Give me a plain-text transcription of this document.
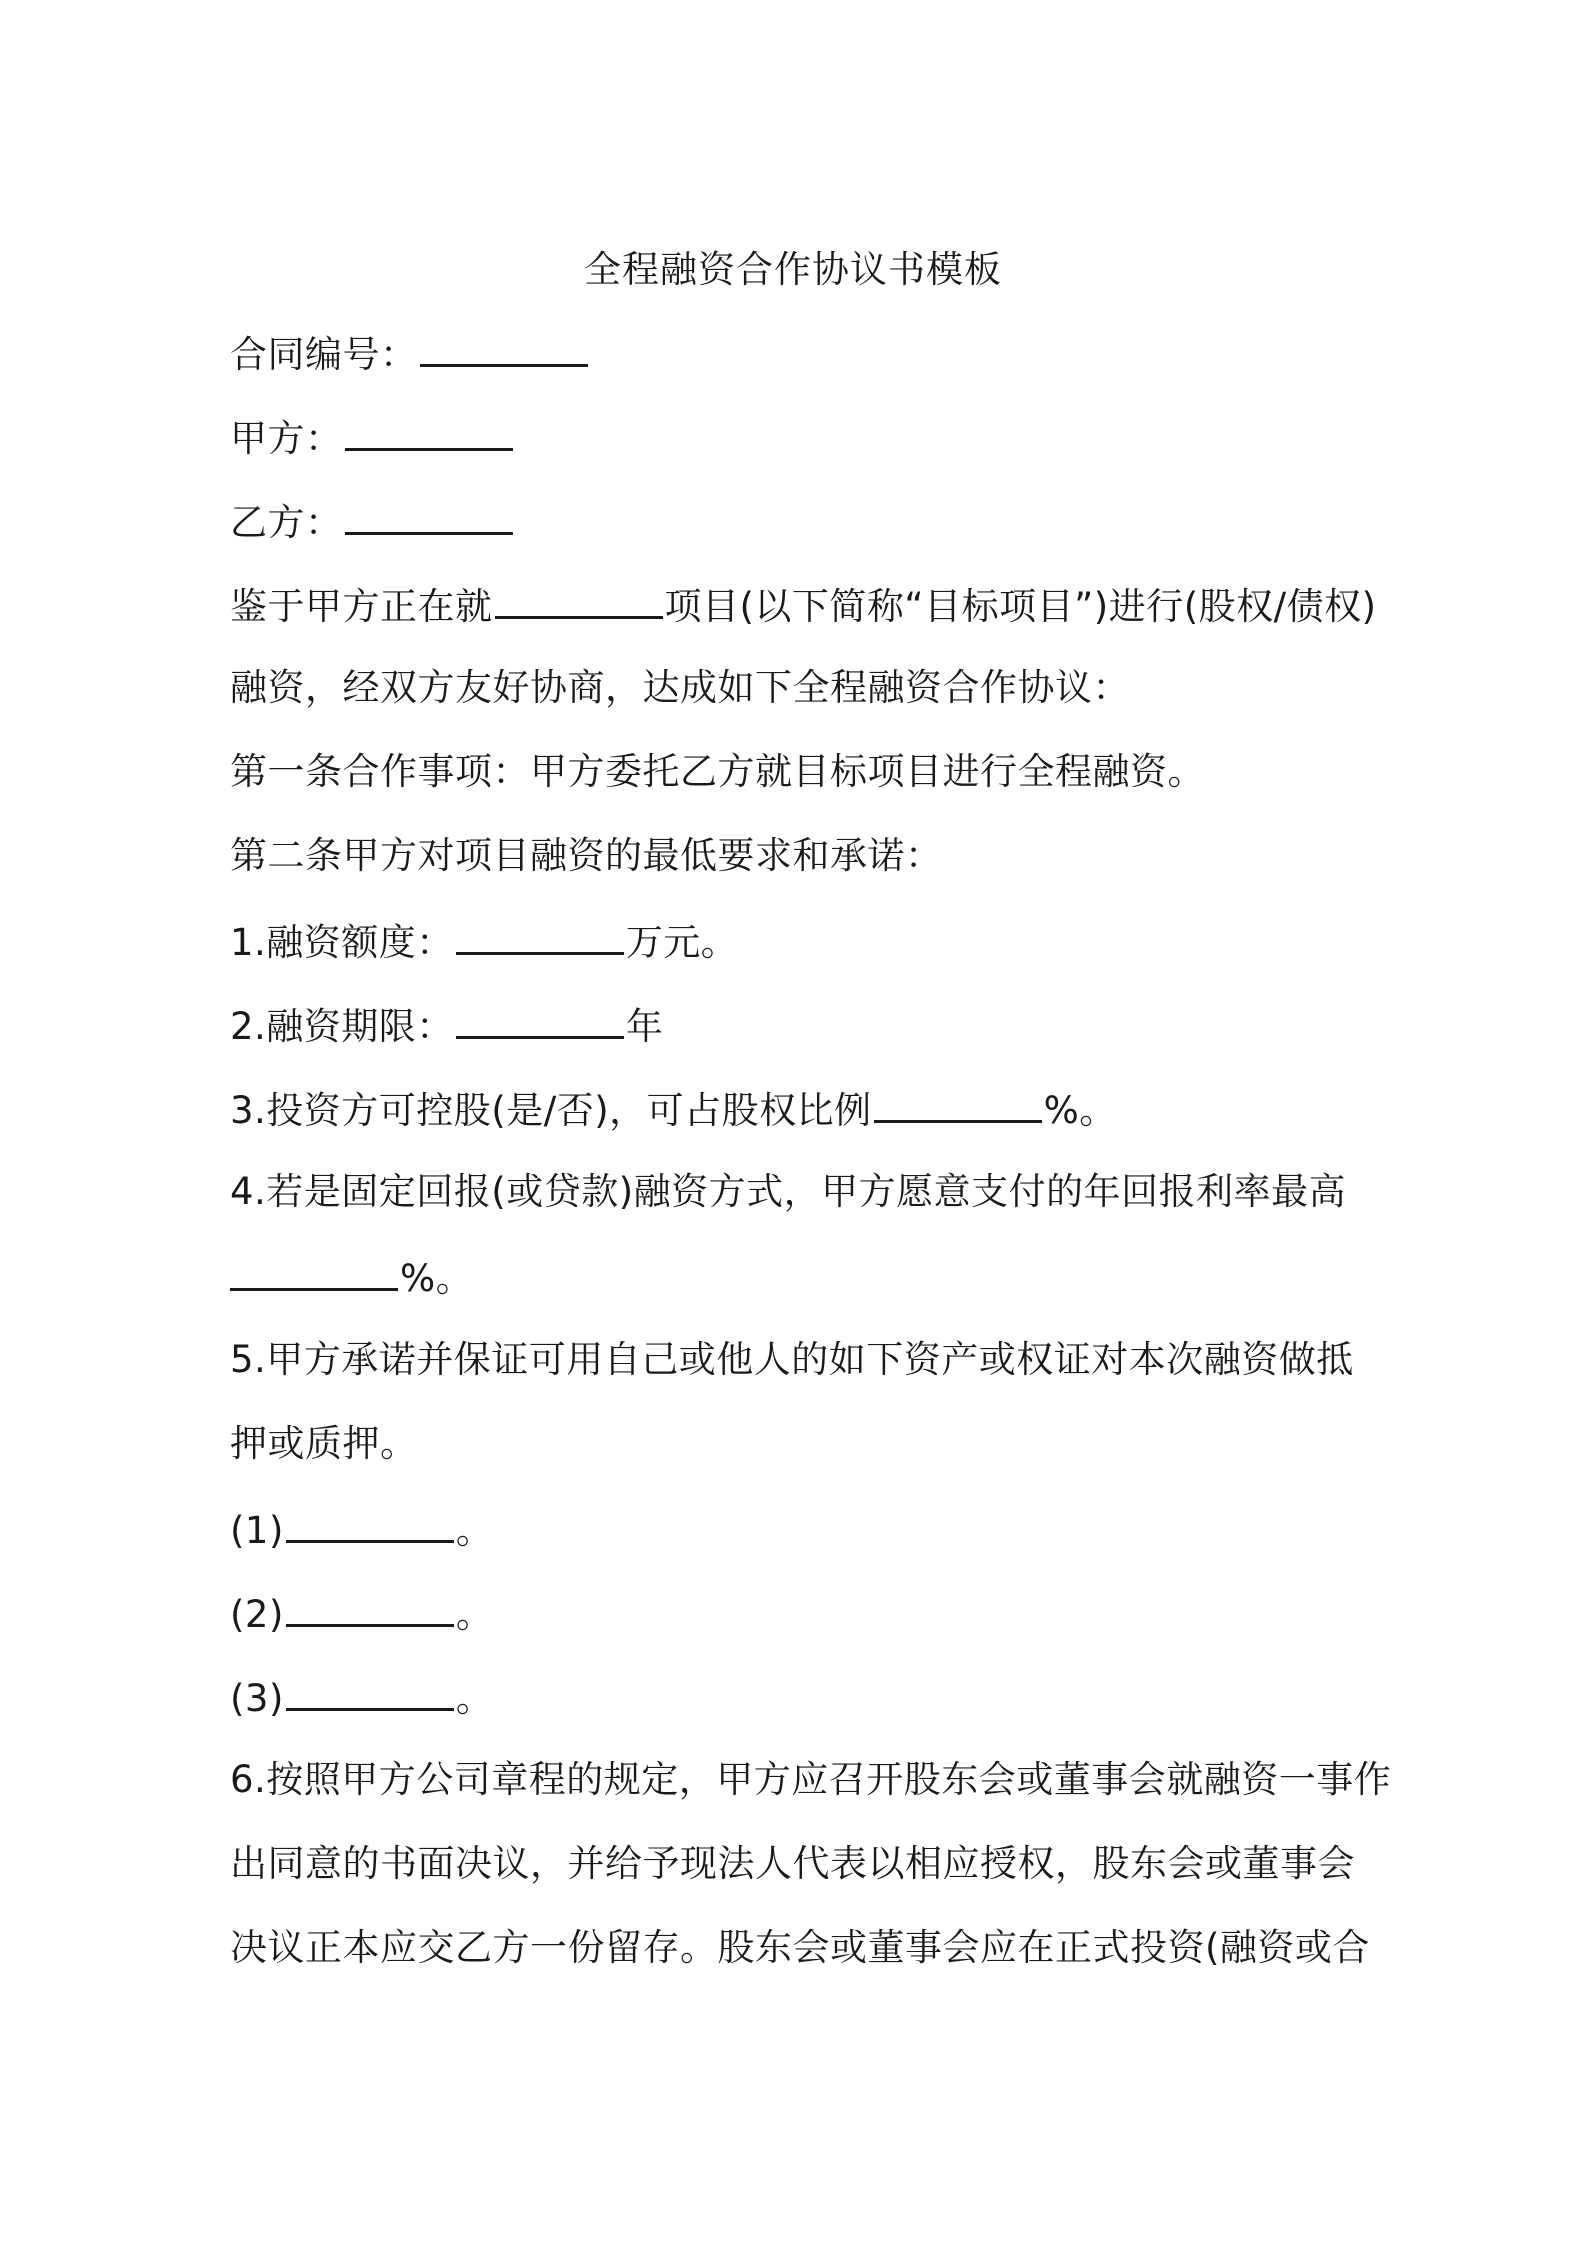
全程融资合作协议书模板
合同编号：
甲方：
乙方：
鉴于甲方正在就	项目(以下简称“目标项目”)进行(股权/债权)
融资，经双方友好协商，达成如下全程融资合作协议：
第一条合作事项：甲方委托乙方就目标项目进行全程融资。
第二条甲方对项目融资的最低要求和承诺：
1.融资额度：	万元。
2.融资期限：	年
3.投资方可控股(是/否)，可占股权比例	%。
4.若是固定回报(或贷款)融资方式，甲方愿意支付的年回报利率最高
%。
5.甲方承诺并保证可用自己或他人的如下资产或权证对本次融资做抵
押或质押。
(1)	。
(2)	。
(3)	。
6.按照甲方公司章程的规定，甲方应召开股东会或董事会就融资一事作
出同意的书面决议，并给予现法人代表以相应授权，股东会或董事会
决议正本应交乙方一份留存。股东会或董事会应在正式投资(融资或合
